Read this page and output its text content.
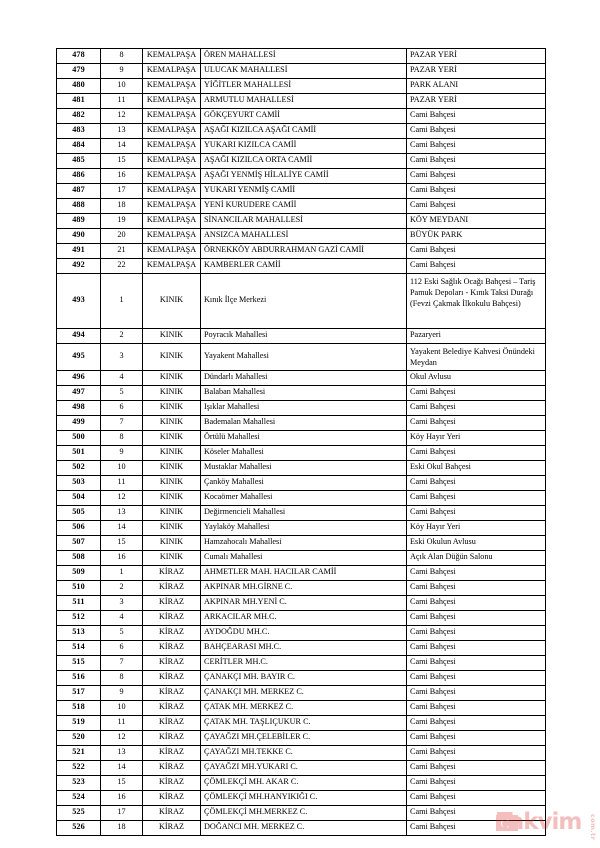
478	8	KEMALPAŞA	ÖREN MAHALLESİ	PAZAR YERİ
479	9	KEMALPAŞA	ULUCAK MAHALLESİ	PAZAR YERİ
480	10	KEMALPAŞA	YİĞİTLER MAHALLESİ	PARK ALANI
481	11	KEMALPAŞA	ARMUTLU MAHALLESİ	PAZAR YERİ
482	12	KEMALPAŞA	GÖKÇEYURT CAMİİ	Cami Bahçesi
483	13	KEMALPAŞA	AŞAĞI KIZILCA AŞAĞI CAMİİ	Cami Bahçesi
484	14	KEMALPAŞA	YUKARI KIZILCA CAMİİ	Cami Bahçesi
485	15	KEMALPAŞA	AŞAĞI KIZILCA ORTA CAMİİ	Cami Bahçesi
486	16	KEMALPAŞA	AŞAĞI YENMİŞ HİLALİYE CAMİİ	Cami Bahçesi
487	17	KEMALPAŞA	YUKARI YENMİŞ CAMİİ	Cami Bahçesi
488	18	KEMALPAŞA	YENİ KURUDERE CAMİİ	Cami Bahçesi
489	19	KEMALPAŞA	SİNANCILAR MAHALLESİ	KÖY MEYDANI
490	20	KEMALPAŞA	ANSIZCA MAHALLESİ	BÜYÜK PARK
491	21	KEMALPAŞA	ÖRNEKKÖY ABDURRAHMAN GAZİ CAMİİ	Cami Bahçesi
492	22	KEMALPAŞA	KAMBERLER CAMİİ	Cami Bahçesi
493	1	KINIK	Kınık İlçe Merkezi	112 Eski Sağlık Ocağı Bahçesi – Tariş Pamuk Depoları - Kınık Taksi Durağı (Fevzi Çakmak İlkokulu Bahçesi)
494	2	KINIK	Poyracık Mahallesi	Pazaryeri
495	3	KINIK	Yayakent Mahallesi	Yayakent Belediye Kahvesi Önündeki Meydan
496	4	KINIK	Dündarlı Mahallesi	Okul Avlusu
497	5	KINIK	Balaban Mahallesi	Cami Bahçesi
498	6	KINIK	Işıklar Mahallesi	Cami Bahçesi
499	7	KINIK	Bademalan Mahallesi	Cami Bahçesi
500	8	KINIK	Örtülü Mahallesi	Köy Hayır Yeri
501	9	KINIK	Köseler Mahallesi	Cami Bahçesi
502	10	KINIK	Mustaklar Mahallesi	Eski Okul Bahçesi
503	11	KINIK	Çanköy Mahallesi	Cami Bahçesi
504	12	KINIK	Kocaömer Mahallesi	Cami Bahçesi
505	13	KINIK	Değirmencieli Mahallesi	Cami Bahçesi
506	14	KINIK	Yaylaköy Mahallesi	Köy Hayır Yeri
507	15	KINIK	Hamzahocalı Mahallesi	Eski Okulun Avlusu
508	16	KINIK	Cumalı Mahallesi	Açık Alan Düğün Salonu
509	1	KİRAZ	AHMETLER MAH. HACILAR CAMİİ	Cami Bahçesi
510	2	KİRAZ	AKPINAR MH.GİRNE C.	Cami Bahçesi
511	3	KİRAZ	AKPINAR MH.YENİ C.	Cami Bahçesi
512	4	KİRAZ	ARKACILAR MH.C.	Cami Bahçesi
513	5	KİRAZ	AYDOĞDU MH.C.	Cami Bahçesi
514	6	KİRAZ	BAHÇEARASI MH.C.	Cami Bahçesi
515	7	KİRAZ	CERİTLER MH.C.	Cami Bahçesi
516	8	KİRAZ	ÇANAKÇI MH. BAYIR C.	Cami Bahçesi
517	9	KİRAZ	ÇANAKÇI MH. MERKEZ C.	Cami Bahçesi
518	10	KİRAZ	ÇATAK MH. MERKEZ C.	Cami Bahçesi
519	11	KİRAZ	ÇATAK MH. TAŞLIÇUKUR C.	Cami Bahçesi
520	12	KİRAZ	ÇAYAĞZI MH.ÇELEBİLER C.	Cami Bahçesi
521	13	KİRAZ	ÇAYAĞZI MH.TEKKE C.	Cami Bahçesi
522	14	KİRAZ	ÇAYAĞZI MH.YUKARI C.	Cami Bahçesi
523	15	KİRAZ	ÇÖMLEKÇİ MH. AKAR C.	Cami Bahçesi
524	16	KİRAZ	ÇÖMLEKÇİ MH.HANYIKIĞI C.	Cami Bahçesi
525	17	KİRAZ	ÇÖMLEKÇİ MH.MERKEZ C.	Cami Bahçesi
526	18	KİRAZ	DOĞANCI MH. MERKEZ C.	Cami Bahçesi Takvim com.tr
